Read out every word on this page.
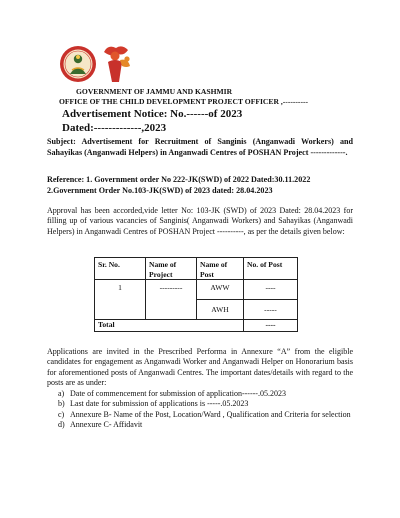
GOVERNMENT OF JAMMU AND KASHMIR
OFFICE OF THE CHILD DEVELOPMENT PROJECT OFFICER ,----------
Advertisement Notice: No.------of 2023
Dated:-------------,2023
Subject: Advertisement for Recruitment of Sanginis (Anganwadi Workers) and Sahayikas (Anganwadi Helpers) in Anganwadi Centres of POSHAN Project -------------.
Reference: 1. Government order No 222-JK(SWD) of 2022 Dated:30.11.2022
2.Government Order No.103-JK(SWD) of 2023 dated: 28.04.2023
Approval has been accorded,vide letter No: 103-JK (SWD) of 2023 Dated: 28.04.2023 for filling up of various vacancies of Sanginis( Anganwadi Workers) and Sahayikas (Anganwadi Helpers) in Anganwadi Centres of POSHAN Project ----------, as per the details given below:
Sr. No.	Name of Project	Name of Post	No. of Post
1	---------	AWW	----
		AWH	-----
Total			----
Applications are invited in the Prescribed Performa in Annexure “A” from the eligible candidates for engagement as Anganwadi Worker and Anganwadi Helper on Honorarium basis for aforementioned posts of Anganwadi Centres. The important dates/details with regard to the posts are as under:
a) Date of commencement for submission of application------.05.2023
b) Last date for submission of applications is -----.05.2023
c) Annexure B- Name of the Post, Location/Ward , Qualification and Criteria for selection
d) Annexure C- Affidavit
